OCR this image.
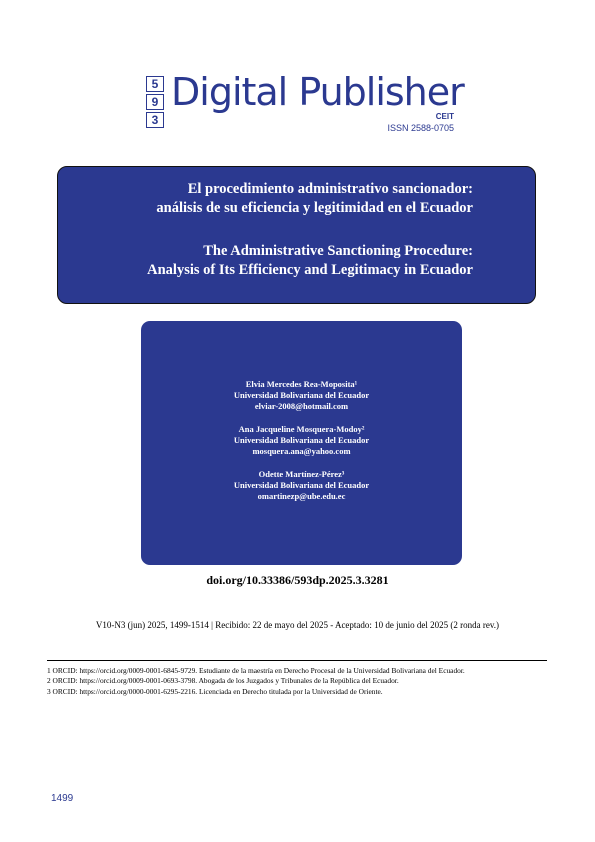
5
9
3
Digital Publisher
CEIT
ISSN 2588-0705
El procedimiento administrativo sancionador:
análisis de su eficiencia y legitimidad en el Ecuador
The Administrative Sanctioning Procedure:
Analysis of Its Efficiency and Legitimacy in Ecuador
Elvia Mercedes Rea-Moposita¹
Universidad Bolivariana del Ecuador
elviar-2008@hotmail.com
Ana Jacqueline Mosquera-Modoy²
Universidad Bolivariana del Ecuador
mosquera.ana@yahoo.com
Odette Martínez-Pérez³
Universidad Bolivariana del Ecuador
omartinezp@ube.edu.ec
doi.org/10.33386/593dp.2025.3.3281
V10-N3 (jun) 2025, 1499-1514 | Recibido: 22 de mayo del 2025 - Aceptado: 10 de junio del 2025 (2 ronda rev.)
1 ORCID: https://orcid.org/0009-0001-6845-9729. Estudiante de la maestría en Derecho Procesal de la Universidad Bolivariana del Ecuador.
2 ORCID: https://orcid.org/0009-0001-0693-3798. Abogada de los Juzgados y Tribunales de la República del Ecuador.
3 ORCID: https://orcid.org/0000-0001-6295-2216. Licenciada en Derecho titulada por la Universidad de Oriente.
1499
